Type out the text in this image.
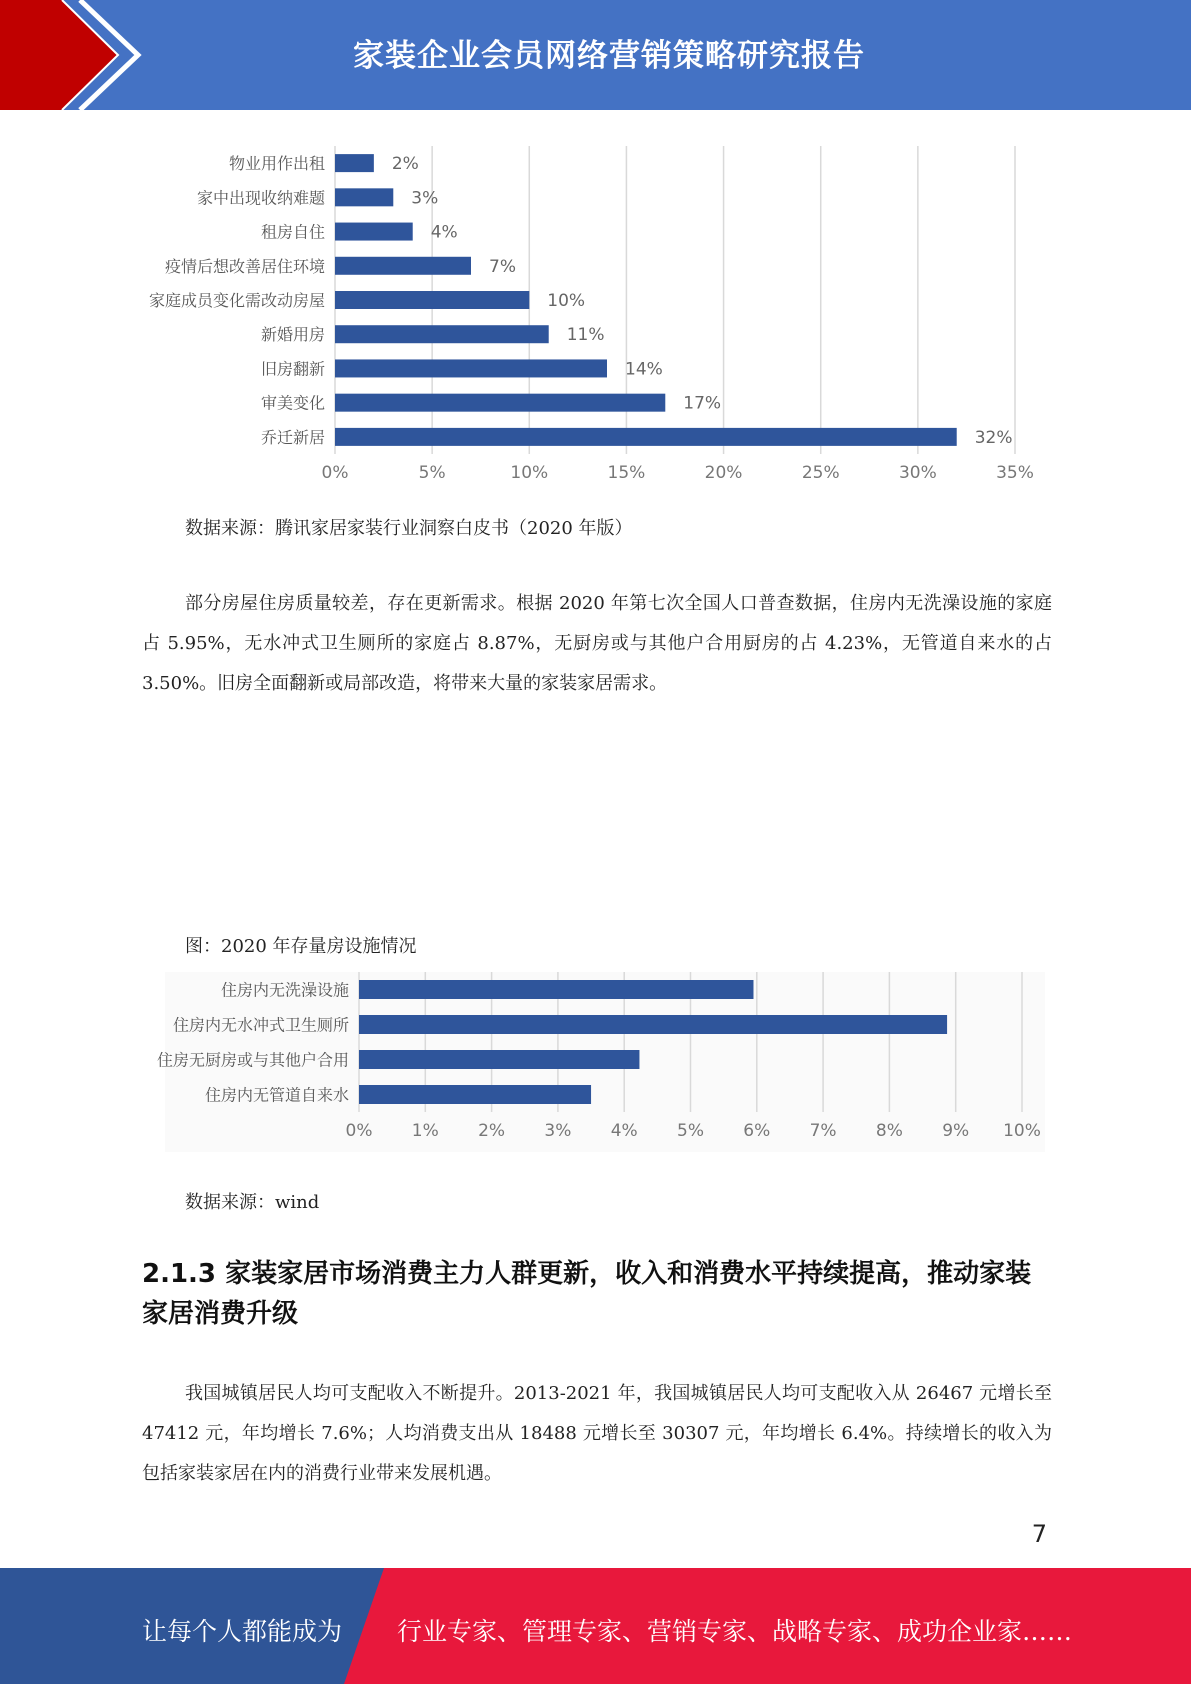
家装企业会员网络营销策略研究报告
0%	5%	10%	15%	20%	25%	30%	35%
物业用作出租	2%
家中出现收纳难题	3%
租房自住	4%
疫情后想改善居住环境	7%
家庭成员变化需改动房屋	10%
新婚用房	11%
旧房翻新	14%
审美变化	17%
乔迁新居	32%
数据来源：腾讯家居家装行业洞察白皮书（2020 年版）
部分房屋住房质量较差，存在更新需求。根据 2020 年第七次全国人口普查数据，住房内无洗澡设施的家庭占 5.95%，无水冲式卫生厕所的家庭占 8.87%，无厨房或与其他户合用厨房的占 4.23%，无管道自来水的占 3.50%。旧房全面翻新或局部改造，将带来大量的家装家居需求。
图：2020 年存量房设施情况
0% 1% 2% 3% 4% 5% 6% 7% 8% 9% 10%
住房内无洗澡设施
住房内无水冲式卫生厕所
住房无厨房或与其他户合用
住房内无管道自来水
数据来源：wind
2.1.3 家装家居市场消费主力人群更新，收入和消费水平持续提高，推动家装家居消费升级
我国城镇居民人均可支配收入不断提升。2013-2021 年，我国城镇居民人均可支配收入从 26467 元增长至 47412 元，年均增长 7.6%；人均消费支出从 18488 元增长至 30307 元，年均增长 6.4%。持续增长的收入为包括家装家居在内的消费行业带来发展机遇。
7
让每个人都能成为 行业专家、管理专家、营销专家、战略专家、成功企业家……
